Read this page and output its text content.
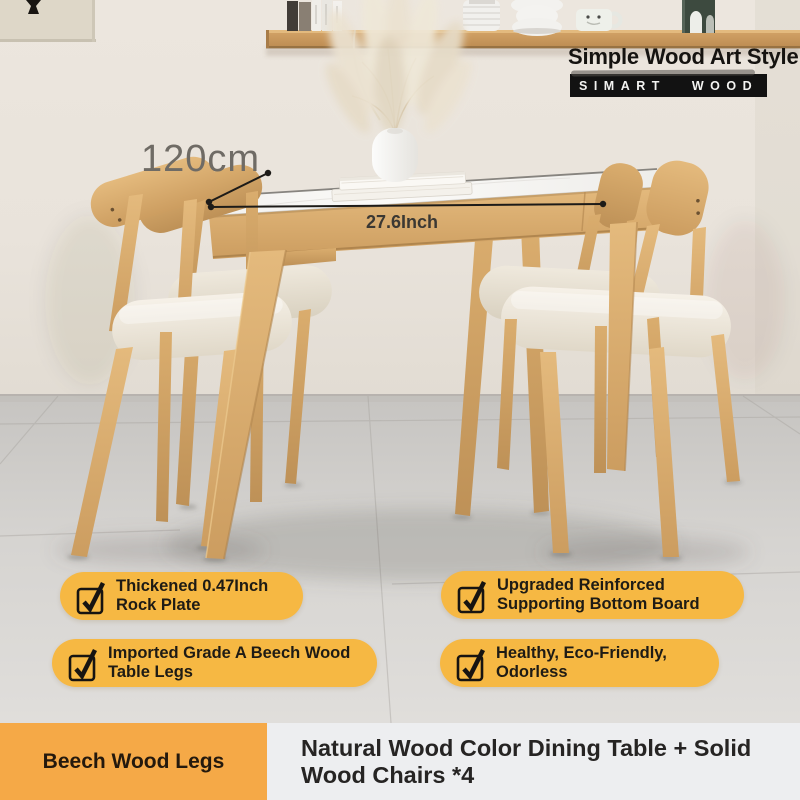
120cm
27.6Inch
Simple Wood Art Style
SIMART WOOD
Thickened 0.47Inch Rock Plate
Upgraded Reinforced Supporting Bottom Board
Imported Grade A Beech Wood Table Legs
Healthy, Eco-Friendly, Odorless
Beech Wood Legs	Natural Wood Color Dining Table + Solid Wood Chairs *4
